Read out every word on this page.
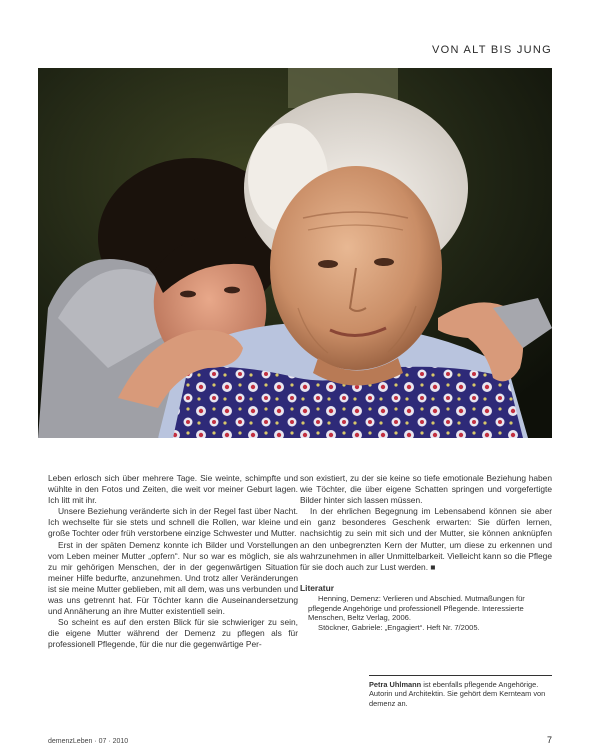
VON ALT BIS JUNG

Leben erlosch sich über mehrere Tage. Sie weinte, schimpfte und wühlte in den Fotos und Zeiten, die weit vor meiner Geburt lagen. Ich litt mit ihr.

Unsere Beziehung veränderte sich in der Regel fast über Nacht. Ich wechselte für sie stets und schnell die Rollen, war kleine und große Tochter oder früh verstorbene einzige Schwester und Mutter.

Erst in der späten Demenz konnte ich Bilder und Vorstellungen vom Leben meiner Mutter „opfern“. Nur so war es möglich, sie als zu mir gehörigen Menschen, der in der gegenwärtigen Situation meiner Hilfe bedurfte, anzunehmen. Und trotz aller Veränderungen ist sie meine Mutter geblieben, mit all dem, was uns verbunden und was uns getrennt hat. Für Töchter kann die Auseinandersetzung und Annäherung an ihre Mutter existentiell sein.

So scheint es auf den ersten Blick für sie schwieriger zu sein, die eigene Mutter während der Demenz zu pflegen als für professionell Pflegende, für die nur die gegenwärtige Per-

son existiert, zu der sie keine so tiefe emotionale Beziehung haben wie Töchter, die über eigene Schatten springen und vorgefertigte Bilder hinter sich lassen müssen.

In der ehrlichen Begegnung im Lebensabend können sie aber ein ganz besonderes Geschenk erwarten: Sie dürfen lernen, nachsichtig zu sein mit sich und der Mutter, sie können anknüpfen an den unbegrenzten Kern der Mutter, um diese zu erkennen und wahrzunehmen in aller Unmittelbarkeit. Vielleicht kann so die Pflege für sie doch auch zur Lust werden. ■

Literatur

Henning, Demenz: Verlieren und Abschied. Mutmaßungen für pflegende Angehörige und professionell Pflegende. Interessierte Menschen, Beltz Verlag, 2006.

Stöckner, Gabriele: „Engagiert“. Heft Nr. 7/2005.

Petra Uhlmann ist ebenfalls pflegende Angehörige. Autorin und Architektin. Sie gehört dem Kernteam von demenz an.

demenzLeben · 07 · 2010	7
